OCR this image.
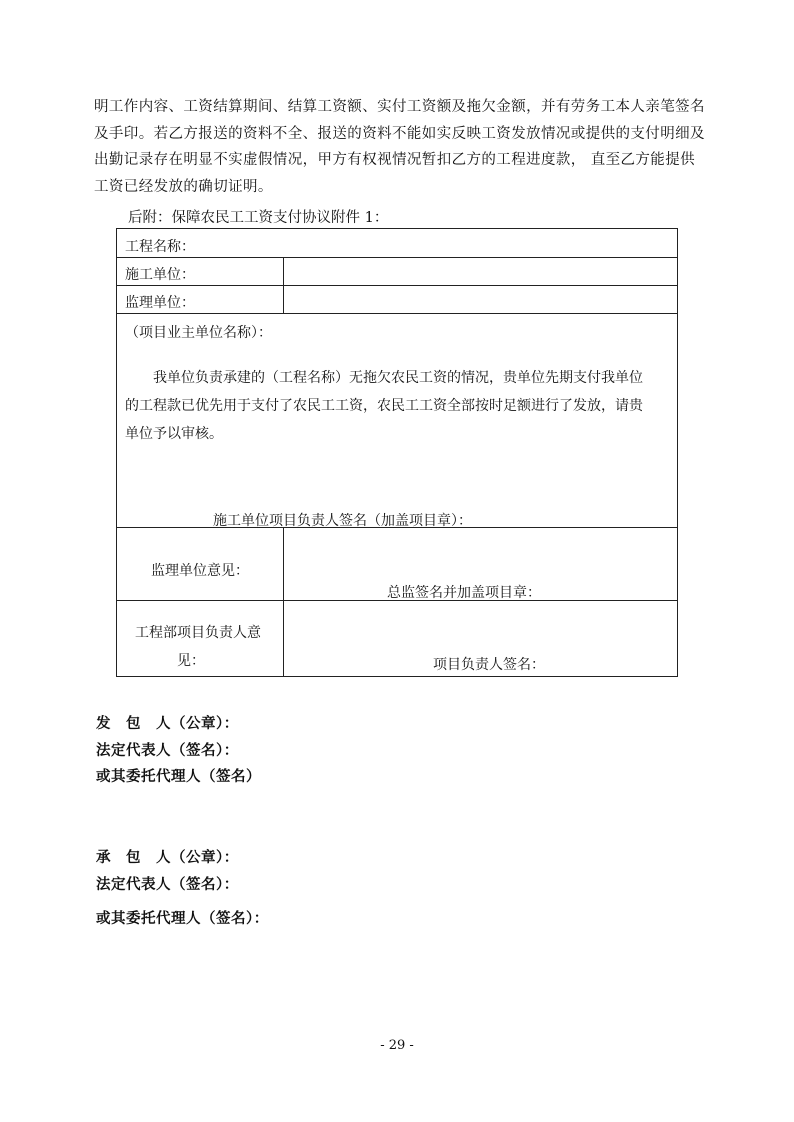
明工作内容、工资结算期间、结算工资额、实付工资额及拖欠金额，并有劳务工本人亲笔签名
及手印。若乙方报送的资料不全、报送的资料不能如实反映工资发放情况或提供的支付明细及
出勤记录存在明显不实虚假情况，甲方有权视情况暂扣乙方的工程进度款， 直至乙方能提供
工资已经发放的确切证明。
后附：保障农民工工资支付协议附件 1：
工程名称：
施工单位：
监理单位：
（项目业主单位名称）：
我单位负责承建的（工程名称）无拖欠农民工资的情况，贵单位先期支付我单位
的工程款已优先用于支付了农民工工资，农民工工资全部按时足额进行了发放，请贵
单位予以审核。
施工单位项目负责人签名（加盖项目章）：
监理单位意见：
总监签名并加盖项目章：
工程部项目负责人意
见：	项目负责人签名：
发　包　人（公章）：
法定代表人（签名）：
或其委托代理人（签名）
承　包　人（公章）：
法定代表人（签名）：
或其委托代理人（签名）：
- 29 -
